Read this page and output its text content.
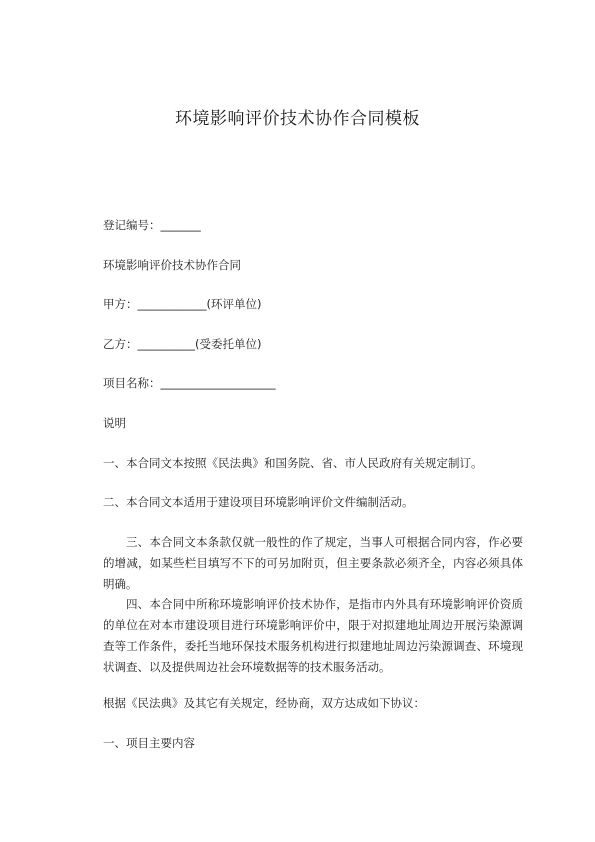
环境影响评价技术协作合同模板
登记编号：_______
环境影响评价技术协作合同
甲方：____________(环评单位)
乙方：__________(受委托单位)
项目名称：____________________
说明
一、本合同文本按照《民法典》和国务院、省、市人民政府有关规定制订。
二、本合同文本适用于建设项目环境影响评价文件编制活动。
三、本合同文本条款仅就一般性的作了规定，当事人可根据合同内容，作必要的增减，如某些栏目填写不下的可另加附页，但主要条款必须齐全，内容必须具体明确。
四、本合同中所称环境影响评价技术协作，是指市内外具有环境影响评价资质的单位在对本市建设项目进行环境影响评价中，限于对拟建地址周边开展污染源调查等工作条件，委托当地环保技术服务机构进行拟建地址周边污染源调查、环境现状调查、以及提供周边社会环境数据等的技术服务活动。
根据《民法典》及其它有关规定，经协商，双方达成如下协议：
一、项目主要内容
